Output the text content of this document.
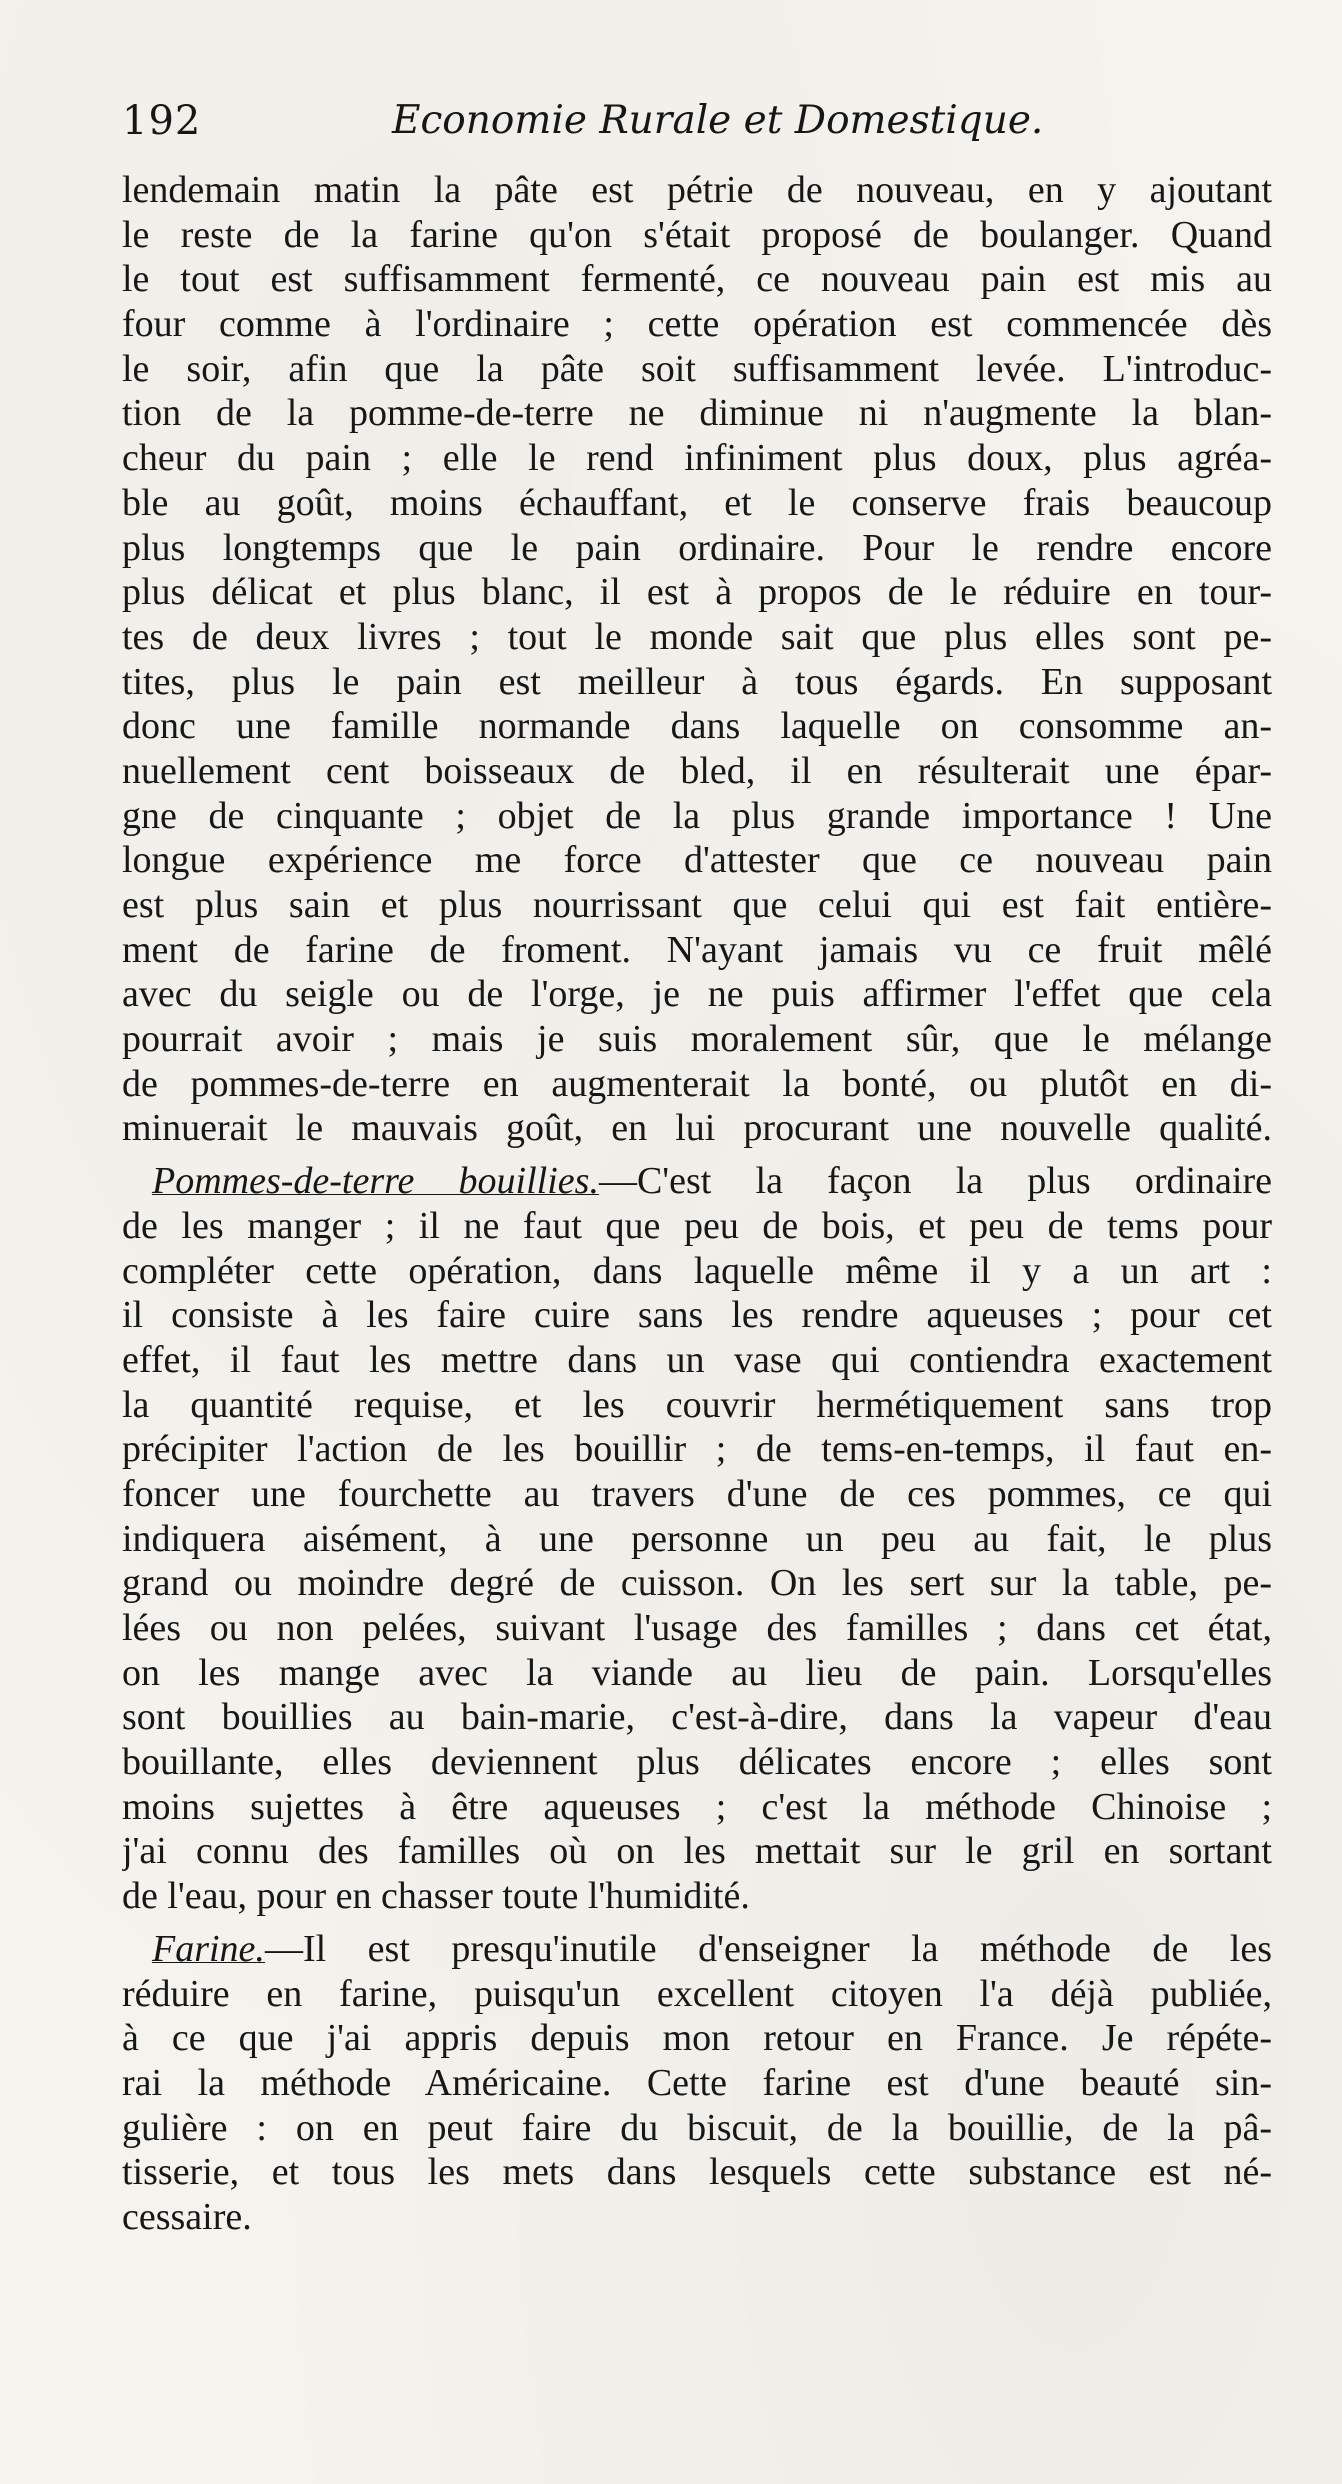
192	Economie Rurale et Domestique.
lendemain matin la pâte est pétrie de nouveau, en y ajoutant
le reste de la farine qu'on s'était proposé de boulanger. Quand
le tout est suffisamment fermenté, ce nouveau pain est mis au
four comme à l'ordinaire ; cette opération est commencée dès
le soir, afin que la pâte soit suffisamment levée. L'introduc-
tion de la pomme-de-terre ne diminue ni n'augmente la blan-
cheur du pain ; elle le rend infiniment plus doux, plus agréa-
ble au goût, moins échauffant, et le conserve frais beaucoup
plus longtemps que le pain ordinaire. Pour le rendre encore
plus délicat et plus blanc, il est à propos de le réduire en tour-
tes de deux livres ; tout le monde sait que plus elles sont pe-
tites, plus le pain est meilleur à tous égards. En supposant
donc une famille normande dans laquelle on consomme an-
nuellement cent boisseaux de bled, il en résulterait une épar-
gne de cinquante ; objet de la plus grande importance ! Une
longue expérience me force d'attester que ce nouveau pain
est plus sain et plus nourrissant que celui qui est fait entière-
ment de farine de froment. N'ayant jamais vu ce fruit mêlé
avec du seigle ou de l'orge, je ne puis affirmer l'effet que cela
pourrait avoir ; mais je suis moralement sûr, que le mélange
de pommes-de-terre en augmenterait la bonté, ou plutôt en di-
minuerait le mauvais goût, en lui procurant une nouvelle qualité.
Pommes-de-terre bouillies.—C'est la façon la plus ordinaire
de les manger ; il ne faut que peu de bois, et peu de tems pour
compléter cette opération, dans laquelle même il y a un art :
il consiste à les faire cuire sans les rendre aqueuses ; pour cet
effet, il faut les mettre dans un vase qui contiendra exactement
la quantité requise, et les couvrir hermétiquement sans trop
précipiter l'action de les bouillir ; de tems-en-temps, il faut en-
foncer une fourchette au travers d'une de ces pommes, ce qui
indiquera aisément, à une personne un peu au fait, le plus
grand ou moindre degré de cuisson. On les sert sur la table, pe-
lées ou non pelées, suivant l'usage des familles ; dans cet état,
on les mange avec la viande au lieu de pain. Lorsqu'elles
sont bouillies au bain-marie, c'est-à-dire, dans la vapeur d'eau
bouillante, elles deviennent plus délicates encore ; elles sont
moins sujettes à être aqueuses ; c'est la méthode Chinoise ;
j'ai connu des familles où on les mettait sur le gril en sortant
de l'eau, pour en chasser toute l'humidité.
Farine.—Il est presqu'inutile d'enseigner la méthode de les
réduire en farine, puisqu'un excellent citoyen l'a déjà publiée,
à ce que j'ai appris depuis mon retour en France. Je répéte-
rai la méthode Américaine. Cette farine est d'une beauté sin-
gulière : on en peut faire du biscuit, de la bouillie, de la pâ-
tisserie, et tous les mets dans lesquels cette substance est né-
cessaire.
